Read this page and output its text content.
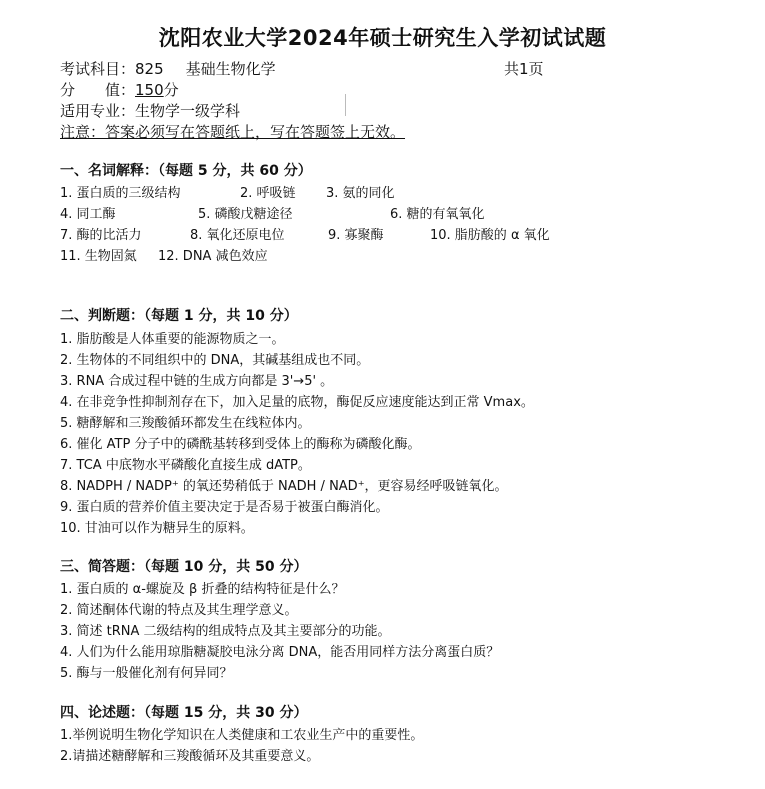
沈阳农业大学2024年硕士研究生入学初试试题
考试科目：825 基础生物化学	共1页
分　　值：150分
适用专业：生物学一级学科
注意：答案必须写在答题纸上，写在答题签上无效。
一、名词解释：（每题 5 分，共 60 分）
1. 蛋白质的三级结构	2. 呼吸链 3. 氨的同化
4. 同工酶	5. 磷酸戊糖途径	6. 糖的有氧氧化
7. 酶的比活力	8. 氧化还原电位	9. 寡聚酶	10. 脂肪酸的 α 氧化
11. 生物固氮 12. DNA 减色效应
二、判断题：（每题 1 分，共 10 分）
1. 脂肪酸是人体重要的能源物质之一。
2. 生物体的不同组织中的 DNA，其碱基组成也不同。
3. RNA 合成过程中链的生成方向都是 3'→5' 。
4. 在非竞争性抑制剂存在下，加入足量的底物，酶促反应速度能达到正常 Vmax。
5. 糖酵解和三羧酸循环都发生在线粒体内。
6. 催化 ATP 分子中的磷酰基转移到受体上的酶称为磷酸化酶。
7. TCA 中底物水平磷酸化直接生成 dATP。
8. NADPH / NADP⁺ 的氧还势稍低于 NADH / NAD⁺，更容易经呼吸链氧化。
9. 蛋白质的营养价值主要决定于是否易于被蛋白酶消化。
10. 甘油可以作为糖异生的原料。
三、简答题：（每题 10 分，共 50 分）
1. 蛋白质的 α-螺旋及 β 折叠的结构特征是什么？
2. 简述酮体代谢的特点及其生理学意义。
3. 简述 tRNA 二级结构的组成特点及其主要部分的功能。
4. 人们为什么能用琼脂糖凝胶电泳分离 DNA，能否用同样方法分离蛋白质？
5. 酶与一般催化剂有何异同？
四、论述题：（每题 15 分，共 30 分）
1.举例说明生物化学知识在人类健康和工农业生产中的重要性。
2.请描述糖酵解和三羧酸循环及其重要意义。
